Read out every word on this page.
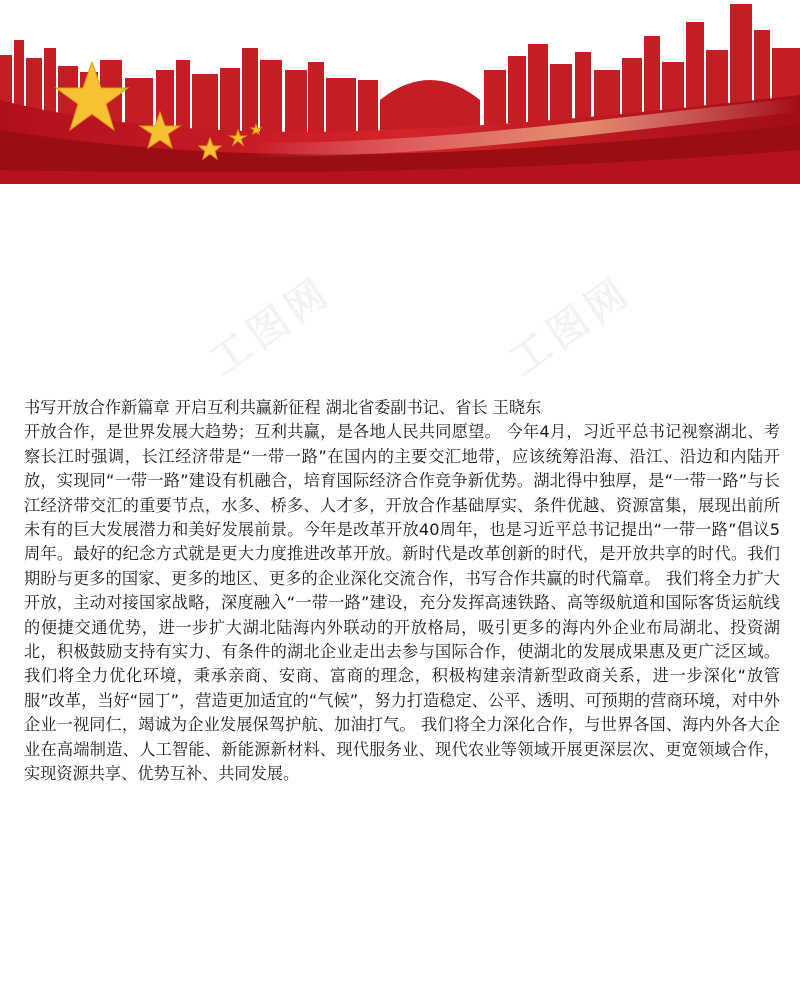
工图网	工图网

书写开放合作新篇章 开启互利共赢新征程 湖北省委副书记、省长 王晓东

开放合作，是世界发展大趋势；互利共赢，是各地人民共同愿望。 今年4月，习近平总书记视察湖北、考察长江时强调，长江经济带是“一带一路”在国内的主要交汇地带，应该统筹沿海、沿江、沿边和内陆开放，实现同“一带一路”建设有机融合，培育国际经济合作竞争新优势。湖北得中独厚，是“一带一路”与长江经济带交汇的重要节点，水多、桥多、人才多，开放合作基础厚实、条件优越、资源富集，展现出前所未有的巨大发展潜力和美好发展前景。今年是改革开放40周年，也是习近平总书记提出“一带一路”倡议5周年。最好的纪念方式就是更大力度推进改革开放。新时代是改革创新的时代，是开放共享的时代。我们期盼与更多的国家、更多的地区、更多的企业深化交流合作，书写合作共赢的时代篇章。 我们将全力扩大开放，主动对接国家战略，深度融入“一带一路”建设，充分发挥高速铁路、高等级航道和国际客货运航线的便捷交通优势，进一步扩大湖北陆海内外联动的开放格局，吸引更多的海内外企业布局湖北、投资湖北，积极鼓励支持有实力、有条件的湖北企业走出去参与国际合作，使湖北的发展成果惠及更广泛区域。 我们将全力优化环境，秉承亲商、安商、富商的理念，积极构建亲清新型政商关系，进一步深化“放管服”改革，当好“园丁”，营造更加适宜的“气候”，努力打造稳定、公平、透明、可预期的营商环境，对中外企业一视同仁，竭诚为企业发展保驾护航、加油打气。 我们将全力深化合作，与世界各国、海内外各大企业在高端制造、人工智能、新能源新材料、现代服务业、现代农业等领域开展更深层次、更宽领域合作，实现资源共享、优势互补、共同发展。
